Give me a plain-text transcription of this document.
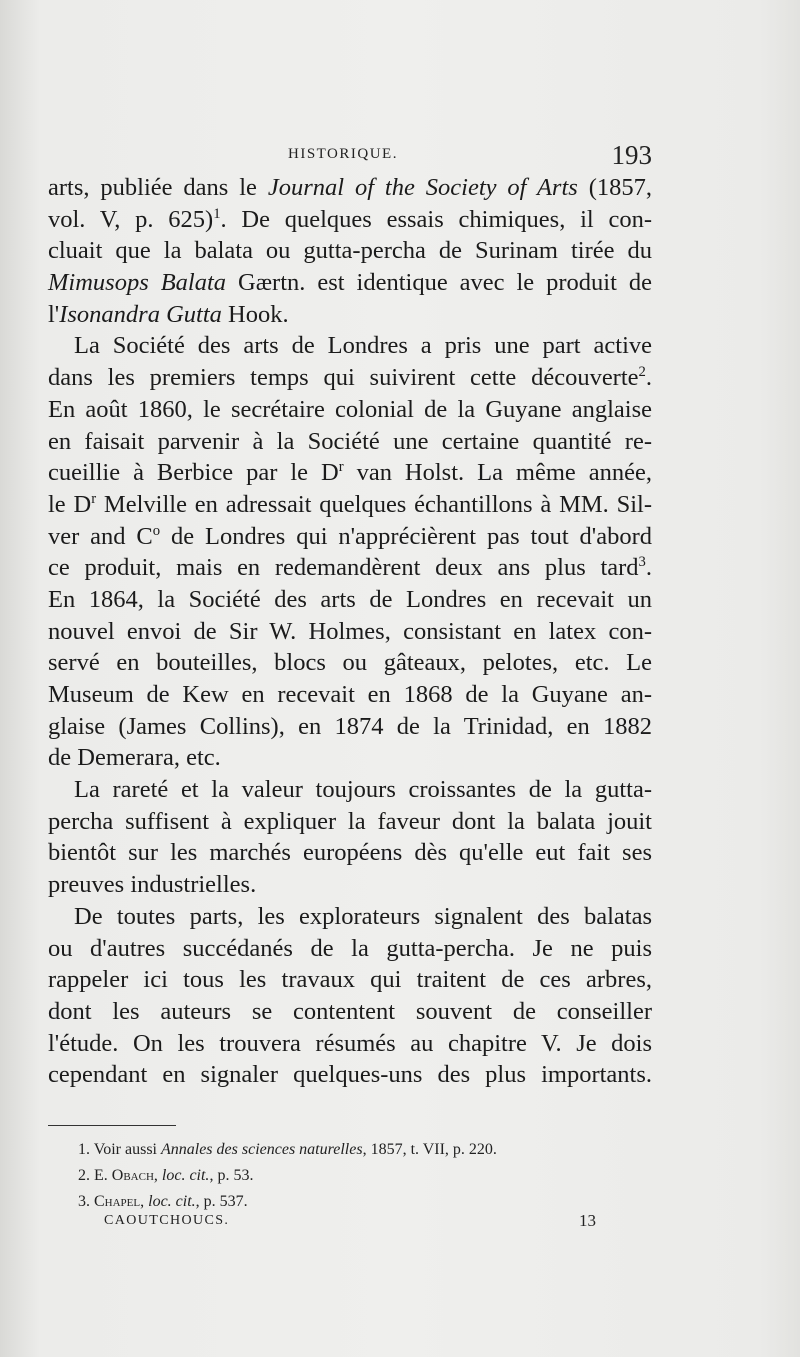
HISTORIQUE.	193
arts, publiée dans le Journal of the Society of Arts (1857,
vol. V, p. 625)$^1$. De quelques essais chimiques, il con-
cluait que la balata ou gutta-percha de Surinam tirée du
Mimusops Balata Gærtn. est identique avec le produit de
l'Isonandra Gutta Hook.
La Société des arts de Londres a pris une part active
dans les premiers temps qui suivirent cette découverte$^2$.
En août 1860, le secrétaire colonial de la Guyane anglaise
en faisait parvenir à la Société une certaine quantité re-
cueillie à Berbice par le $D^r$ van Holst. La même année,
le $D^r$ Melville en adressait quelques échantillons à MM. Sil-
ver and $C^o$ de Londres qui n'apprécièrent pas tout d'abord
ce produit, mais en redemandèrent deux ans plus tard$^3$.
En 1864, la Société des arts de Londres en recevait un
nouvel envoi de Sir W. Holmes, consistant en latex con-
servé en bouteilles, blocs ou gâteaux, pelotes, etc. Le
Museum de Kew en recevait en 1868 de la Guyane an-
glaise (James Collins), en 1874 de la Trinidad, en 1882
de Demerara, etc.
La rareté et la valeur toujours croissantes de la gutta-
percha suffisent à expliquer la faveur dont la balata jouit
bientôt sur les marchés européens dès qu'elle eut fait ses
preuves industrielles.
De toutes parts, les explorateurs signalent des balatas
ou d'autres succédanés de la gutta-percha. Je ne puis
rappeler ici tous les travaux qui traitent de ces arbres,
dont les auteurs se contentent souvent de conseiller
l'étude. On les trouvera résumés au chapitre V. Je dois
cependant en signaler quelques-uns des plus importants.
1. Voir aussi Annales des sciences naturelles, 1857, t. VII, p. 220.
2. E. Obach, loc. cit., p. 53.
3. Chapel, loc. cit., p. 537.
CAOUTCHOUCS.	13
